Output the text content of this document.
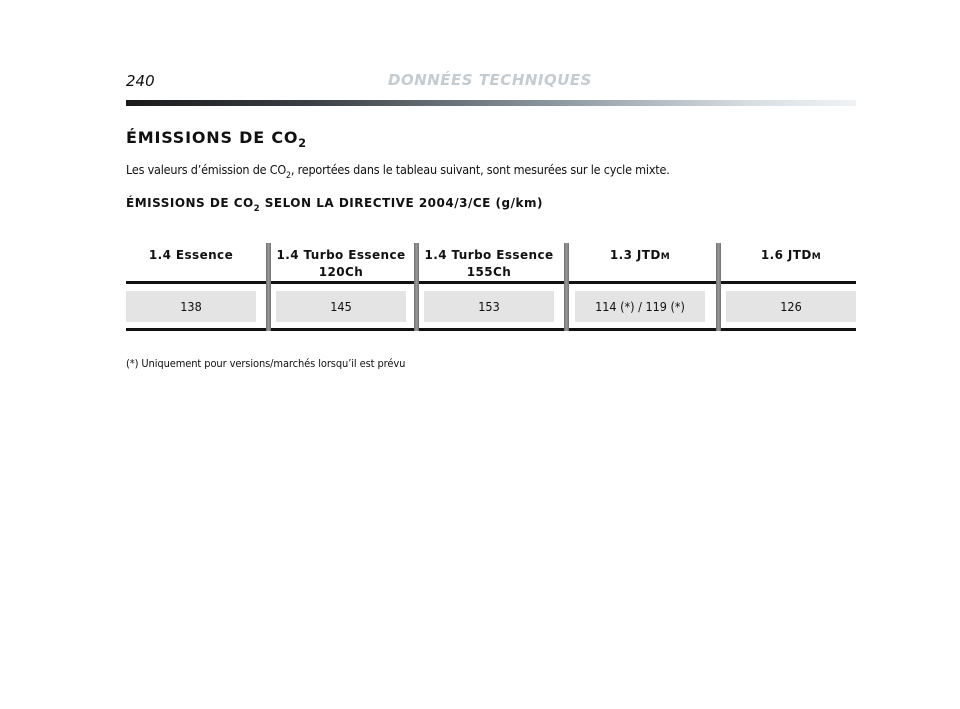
240	DONNÉES TECHNIQUES
ÉMISSIONS DE $CO_2$
Les valeurs d’émission de $CO_2$, reportées dans le tableau suivant, sont mesurées sur le cycle mixte.
ÉMISSIONS DE $CO_2$ SELON LA DIRECTIVE 2004/3/CE (g/km)
1.4 Essence

138
1.4 Turbo Essence
120Ch
145
1.4 Turbo Essence
155Ch
153
1.3 JTDM

114 (*) / 119 (*)
1.6 JTDM

126
(*) Uniquement pour versions/marchés lorsqu’il est prévu
